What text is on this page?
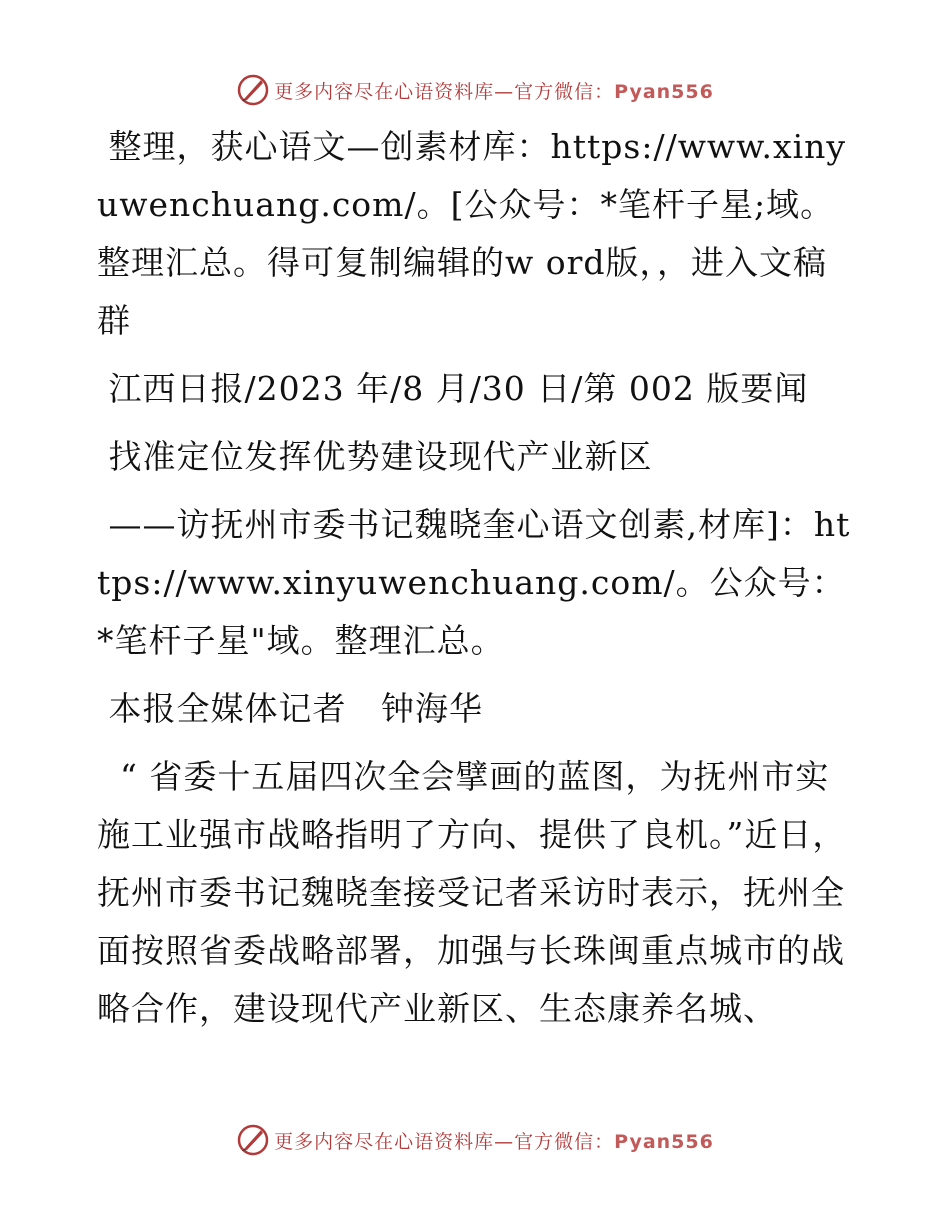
更多内容尽在心语资料库—官方微信：Pyan556

整理，获心语文—创素材库：https://www.xinyuwenchuang.com/。[公众号：*笔杆子星;域。整理汇总。得可复制编辑的w ord版，，进入文稿群

江西日报/2023 年/8 月/30 日/第 002 版要闻

找准定位发挥优势建设现代产业新区

——访抚州市委书记魏晓奎心语文创素,材库]：https://www.xinyuwenchuang.com/。公众号：*笔杆子星"域。整理汇总。

本报全媒体记者   钟海华

“ 省委十五届四次全会擘画的蓝图，为抚州市实施工业强市战略指明了方向、提供了良机。”近日，抚州市委书记魏晓奎接受记者采访时表示，抚州全面按照省委战略部署，加强与长珠闽重点城市的战略合作，建设现代产业新区、生态康养名城、

更多内容尽在心语资料库—官方微信：Pyan556
